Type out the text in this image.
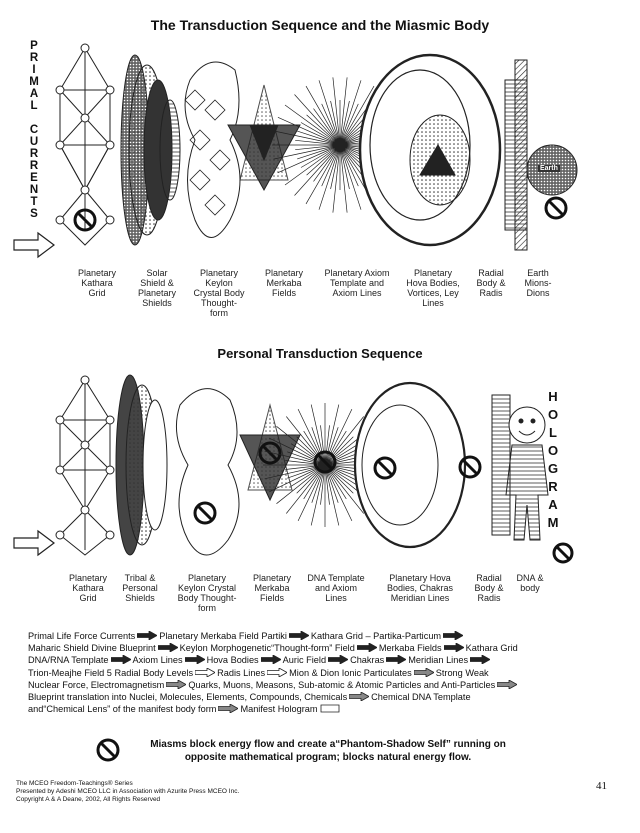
The Transduction Sequence and the Miasmic Body
Personal Transduction Sequence
P
R
I
M
A
L

C
U
R
R
E
N
T
S
H
O
L
O
G
R
A
M
Earth
Planetary
Kathara
Grid
Solar
Shield &
Planetary
Shields
Planetary
Keylon
Crystal Body
Thought-
form
Planetary
Merkaba
Fields
Planetary Axiom
Template and
Axiom Lines
Planetary
Hova Bodies,
Vortices, Ley
Lines
Radial
Body &
Radis
Earth
Mions-
Dions
Planetary
Kathara
Grid
Tribal &
Personal
Shields
Planetary
Keylon Crystal
Body Thought-
form
Planetary
Merkaba
Fields
DNA Template
and Axiom
Lines
Planetary Hova
Bodies, Chakras
Meridian Lines
Radial
Body &
Radis
DNA &
body
Primal Life Force Currents	Planetary Merkaba Field Partiki	Kathara Grid – Partika-Particum
Maharic Shield Divine Blueprint	Keylon Morphogenetic“Thought-form” Field	Merkaba Fields	Kathara Grid
DNA/RNA Template	Axiom Lines	Hova Bodies	Auric Field	Chakras	Meridian Lines
Trion-Meajhe Field 5 Radial Body Levels	Radis Lines	Mion & Dion Ionic Particulates	Strong Weak
Nuclear Force, Electromagnetism	Quarks, Muons, Measons, Sub-atomic & Atomic Particles and Anti-Particles
Blueprint translation into Nuclei, Molecules, Elements, Compounds, Chemicals	Chemical DNA Template
and“Chemical Lens” of the manifest body form	Manifest Hologram
Miasms block energy flow and create a“Phantom-Shadow Self” running on
opposite mathematical program; blocks natural energy flow.
The MCEO Freedom-Teachings® Series
Presented by Adeshi MCEO LLC in Association with Azurite Press MCEO Inc.
Copyright A & A Deane, 2002, All Rights Reserved
41
